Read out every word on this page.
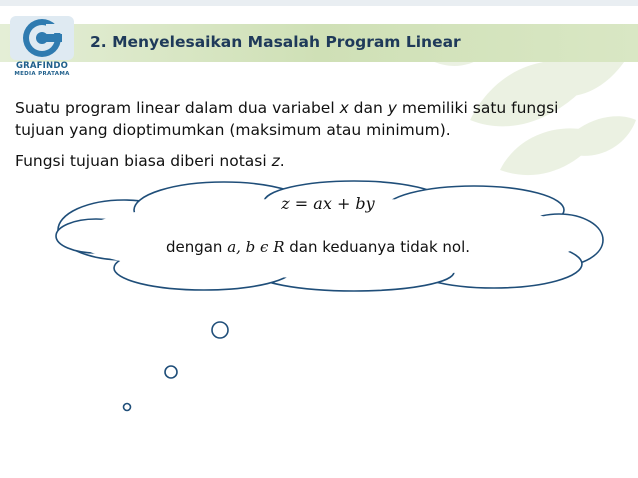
GRAFINDO
MEDIA PRATAMA
2. Menyelesaikan Masalah Program Linear
Suatu program linear dalam dua variabel x dan y memiliki satu fungsi tujuan yang dioptimumkan (maksimum atau minimum).
Fungsi tujuan biasa diberi notasi z.
z = ax + by
dengan a, b ϵ R dan keduanya tidak nol.
